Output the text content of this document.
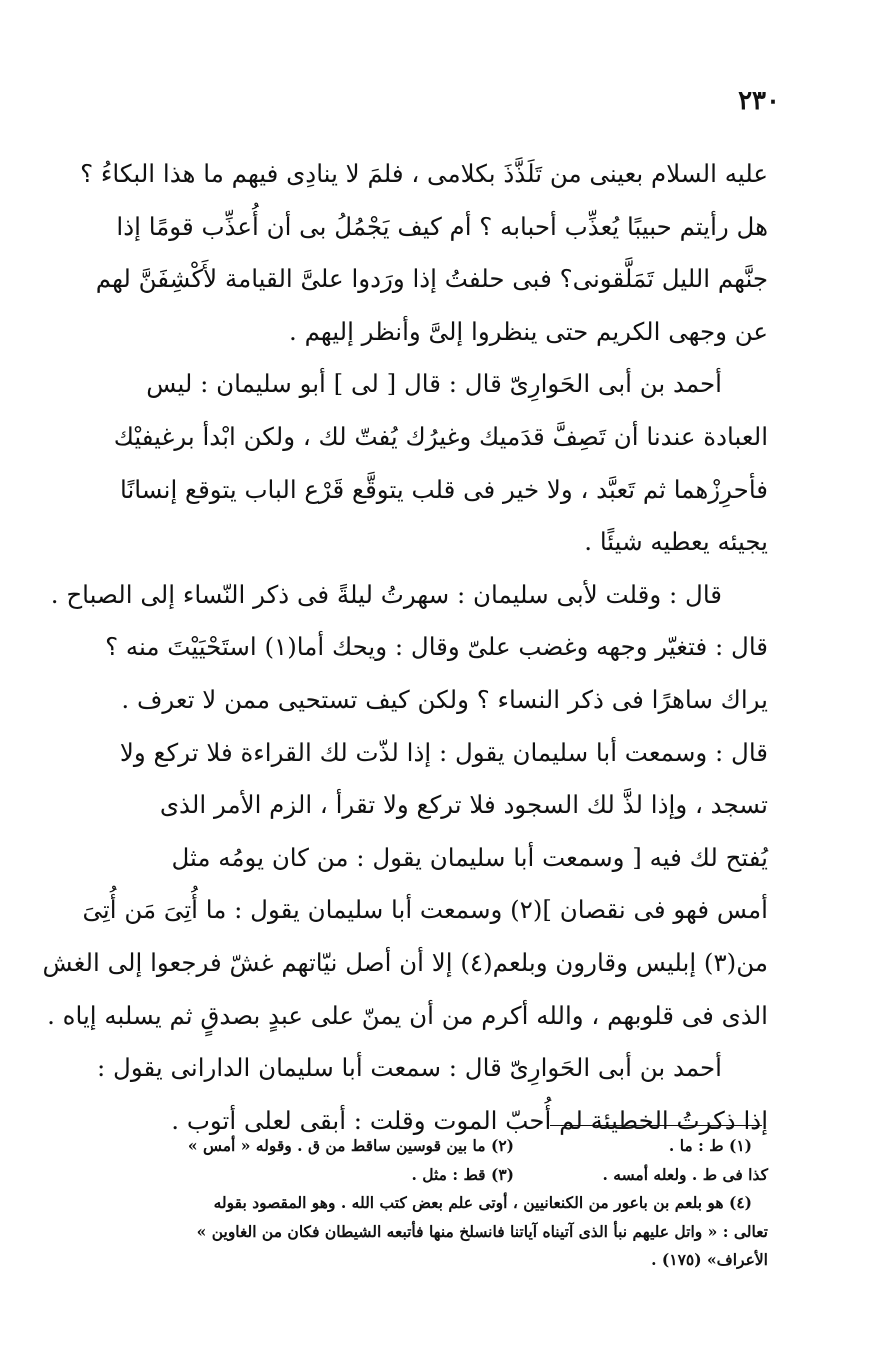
٢٣٠
عليه السلام بعينى من تَلَذَّذَ بكلامى ، فلمَ لا ينادِى فيهم ما هذا البكاءُ ؟
هل رأيتم حبيبًا يُعذِّب أحبابه ؟ أم كيف يَجْمُلُ بى أن أُعذِّب قومًا إذا
جنَّهم الليل تَمَلَّقونى؟ فبى حلفتُ إذا ورَدوا علىَّ القيامة لأَكْشِفَنَّ لهم
عن وجهى الكريم حتى ينظروا إلىَّ وأنظر إليهم .
أحمد بن أبى الحَوارِىّ قال : قال [ لى ] أبو سليمان : ليس
العبادة عندنا أن تَصِفَّ قدَميك وغيرُك يُفتّ لك ، ولكن ابْدأ برغيفيْك
فأحرِزْهما ثم تَعبَّد ، ولا خير فى قلب يتوقَّع قَرْع الباب يتوقع إنسانًا
يجيئه يعطيه شيئًا .
قال : وقلت لأبى سليمان : سهرتُ ليلةً فى ذكر النّساء إلى الصباح .
قال : فتغيّر وجهه وغضب علىّ وقال : ويحك أما(١) استَحْيَيْتَ منه ؟
يراك ساهرًا فى ذكر النساء ؟ ولكن كيف تستحيى ممن لا تعرف .
قال : وسمعت أبا سليمان يقول : إذا لذّت لك القراءة فلا تركع ولا
تسجد ، وإذا لذَّ لك السجود فلا تركع ولا تقرأ ، الزم الأمر الذى
يُفتح لك فيه [ وسمعت أبا سليمان يقول : من كان يومُه مثل
أمس فهو فى نقصان ](٢) وسمعت أبا سليمان يقول : ما أُتِىَ مَن أُتِىَ
من(٣) إبليس وقارون وبلعم(٤) إلا أن أصل نيّاتهم غشّ فرجعوا إلى الغش
الذى فى قلوبهم ، والله أكرم من أن يمنّ على عبدٍ بصدقٍ ثم يسلبه إياه .
أحمد بن أبى الحَوارِىّ قال : سمعت أبا سليمان الدارانى يقول :
إذا ذكرتُ الخطيئة لم أُحبّ الموت وقلت : أبقى لعلى أتوب .
(١) ط : ما .(٢) ما بين قوسين ساقط من ق . وقوله « أمس »
كذا فى ط . ولعله أمسه .(٣) قط : مثل .
(٤) هو بلعم بن باعور من الكنعانيين ، أوتى علم بعض كتب الله . وهو المقصود بقوله
تعالى : « واتل عليهم نبأ الذى آتيناه آياتنا فانسلخ منها فأتبعه الشيطان فكان من الغاوين »
الأعراف» (١٧٥) .
